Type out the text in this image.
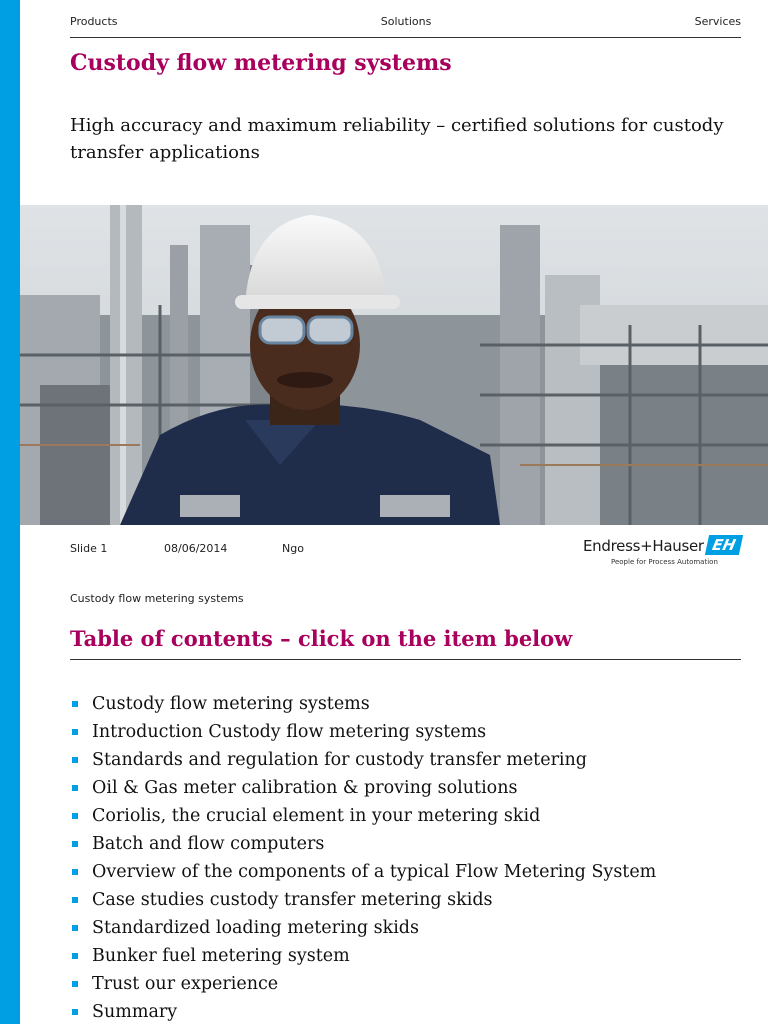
Products	Solutions	Services
Custody flow metering systems

High accuracy and maximum reliability – certified solutions for custody transfer applications

Slide 1	08/06/2014	Ngo	Endress+Hauser EH
People for Process Automation
Custody flow metering systems
Table of contents – click on the item below
Custody flow metering systems
Introduction Custody flow metering systems
Standards and regulation for custody transfer metering
Oil & Gas meter calibration & proving solutions
Coriolis, the crucial element in your metering skid
Batch and flow computers
Overview of the components of a typical Flow Metering System
Case studies custody transfer metering skids
Standardized loading metering skids
Bunker fuel metering system
Trust our experience
Summary
